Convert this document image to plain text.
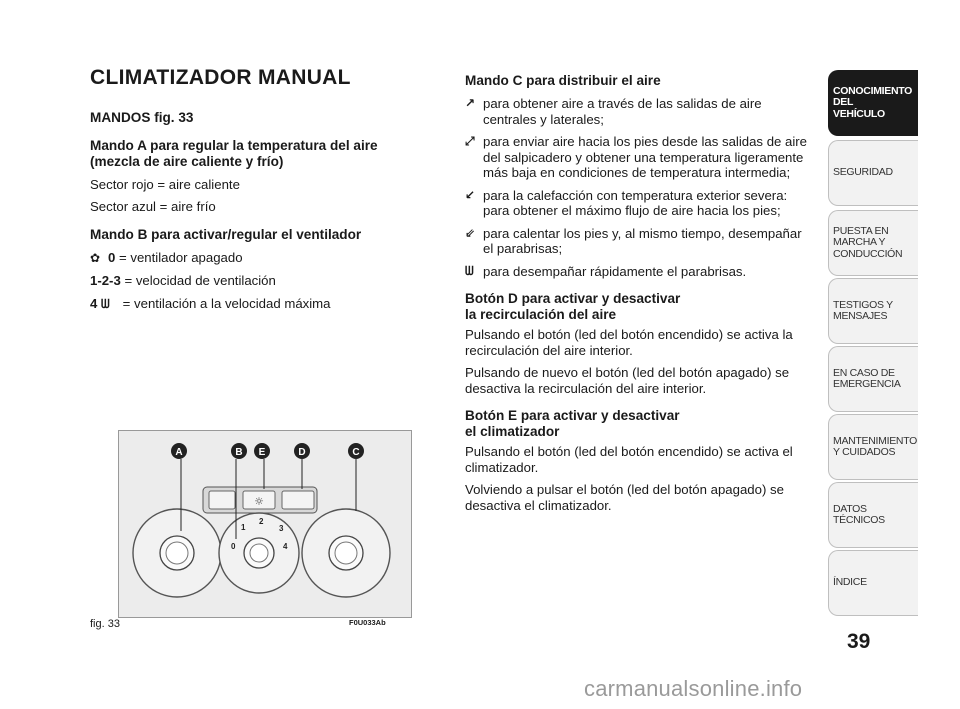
CLIMATIZADOR MANUAL
MANDOS fig. 33
Mando A para regular la temperatura del aire (mezcla de aire caliente y frío)

Sector rojo = aire caliente

Sector azul = aire frío

Mando B para activar/regular el ventilador

✿ 0 = ventilador apagado

1-2-3 = velocidad de ventilación

4 ᗯ = ventilación a la velocidad máxima

Mando C para distribuir el aire
↗ para obtener aire a través de las salidas de aire centrales y laterales;
⤢ para enviar aire hacia los pies desde las salidas de aire del salpicadero y obtener una temperatura ligeramente más baja en condiciones de temperatura intermedia;
↙ para la calefacción con temperatura exterior severa: para obtener el máximo flujo de aire hacia los pies;
⇙ para calentar los pies y, al mismo tiempo, desempañar el parabrisas;
ᗯ para desempañar rápidamente el parabrisas.
Botón D para activar y desactivar
la recirculación del aire

Pulsando el botón (led del botón encendido) se activa la recirculación del aire interior.

Pulsando de nuevo el botón (led del botón apagado) se desactiva la recirculación del aire interior.

Botón E para activar y desactivar
el climatizador

Pulsando el botón (led del botón encendido) se activa el climatizador.

Volviendo a pulsar el botón (led del botón apagado) se desactiva el climatizador.

☼
A	B E	D	C
0
1
2
3
4
fig. 33	F0U033Ab
CONOCIMIENTO DEL VEHÍCULO
SEGURIDAD
PUESTA EN MARCHA Y CONDUCCIÓN
TESTIGOS Y MENSAJES
EN CASO DE EMERGENCIA
MANTENIMIENTO Y CUIDADOS
DATOS TÉCNICOS
ÍNDICE
39
carmanualsonline.info
